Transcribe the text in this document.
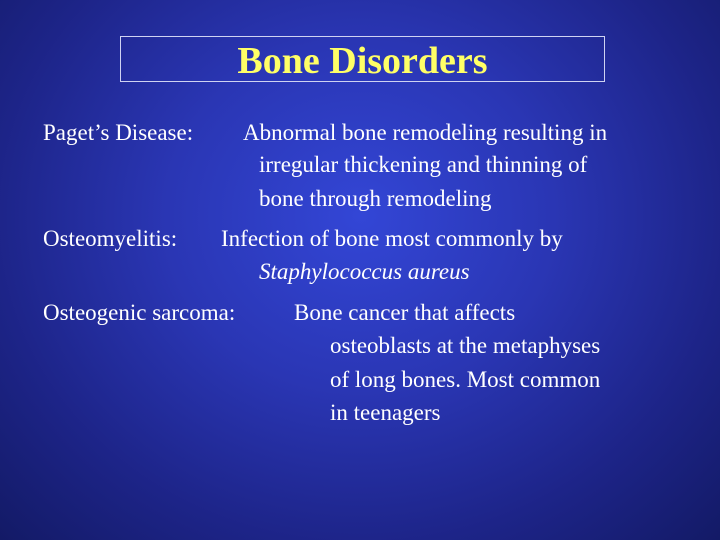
Bone Disorders
Paget’s Disease: Abnormal bone remodeling resulting in
irregular thickening and thinning of
bone through remodeling
Osteomyelitis: Infection of bone most commonly by
Staphylococcus aureus
Osteogenic sarcoma:	Bone cancer that affects
osteoblasts at the metaphyses
of long bones. Most common
in teenagers
